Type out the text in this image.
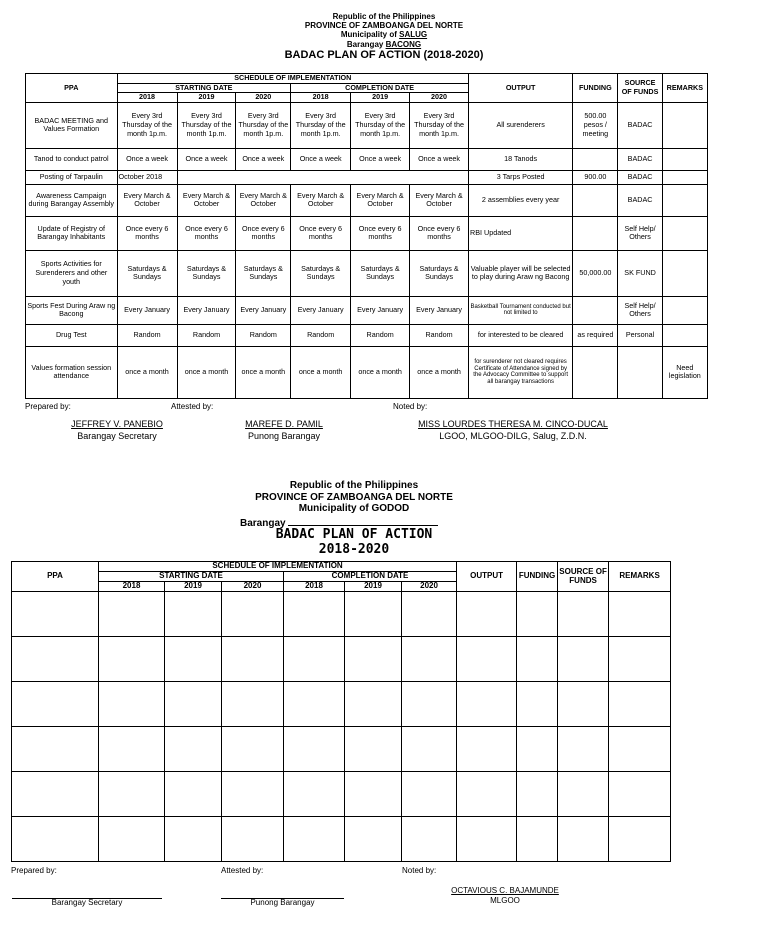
Republic of the Philippines
PROVINCE OF ZAMBOANGA DEL NORTE
Municipality of SALUG
Barangay BACONG
BADAC PLAN OF ACTION (2018-2020)
PPA	SCHEDULE OF IMPLEMENTATION						OUTPUT	FUNDING	SOURCE OF FUNDS	REMARKS
	STARTING DATE			COMPLETION DATE						
	2018	2019	2020	2018	2019	2020				
BADAC MEETING and Values Formation	Every 3rd Thursday of the month 1p.m.	Every 3rd Thursday of the month 1p.m.	Every 3rd Thursday of the month 1p.m.	Every 3rd Thursday of the month 1p.m.	Every 3rd Thursday of the month 1p.m.	Every 3rd Thursday of the month 1p.m.	All surenderers	500.00 pesos / meeting	BADAC	
Tanod to conduct patrol	Once a week	Once a week	Once a week	Once a week	Once a week	Once a week	18 Tanods		BADAC	
Posting of Tarpaulin	October 2018						3 Tarps Posted	900.00	BADAC	
Awareness Campaign during Barangay Assembly	Every March & October	Every March & October	Every March & October	Every March & October	Every March & October	Every March & October	2 assemblies every year		BADAC	
Update of Registry of Barangay Inhabitants	Once every 6 months	Once every 6 months	Once every 6 months	Once every 6 months	Once every 6 months	Once every 6 months	RBI Updated		Self Help/ Others	
Sports Activities for Surenderers and other youth	Saturdays & Sundays	Saturdays & Sundays	Saturdays & Sundays	Saturdays & Sundays	Saturdays & Sundays	Saturdays & Sundays	Valuable player will be selected to play during Araw ng Bacong	50,000.00	SK FUND	
Sports Fest During Araw ng Bacong	Every January	Every January	Every January	Every January	Every January	Every January	Basketball Tournament conducted but not limited to		Self Help/ Others	
Drug Test	Random	Random	Random	Random	Random	Random	for interested to be cleared	as required	Personal	
Values formation session attendance	once a month	once a month	once a month	once a month	once a month	once a month	for surenderer not cleared requires Certificate of Attendance signed by the Advocacy Committee to support all barangay transactions			Need legislation
Prepared by:	Attested by:	Noted by:
JEFFREY V. PANEBIO
Barangay Secretary
MAREFE D. PAMIL
Punong Barangay
MISS LOURDES THERESA M. CINCO-DUCAL
LGOO, MLGOO-DILG, Salug, Z.D.N.
Republic of the Philippines
PROVINCE OF ZAMBOANGA DEL NORTE
Municipality of GODOD
Barangay
BADAC PLAN OF ACTION
2018-2020
PPA	SCHEDULE OF IMPLEMENTATION						OUTPUT	FUNDING	SOURCE OF FUNDS	REMARKS
	STARTING DATE			COMPLETION DATE						
	2018	2019	2020	2018	2019	2020				

Prepared by:	Attested by:	Noted by:
Barangay Secretary	Punong Barangay
OCTAVIOUS C. BAJAMUNDE
MLGOO
